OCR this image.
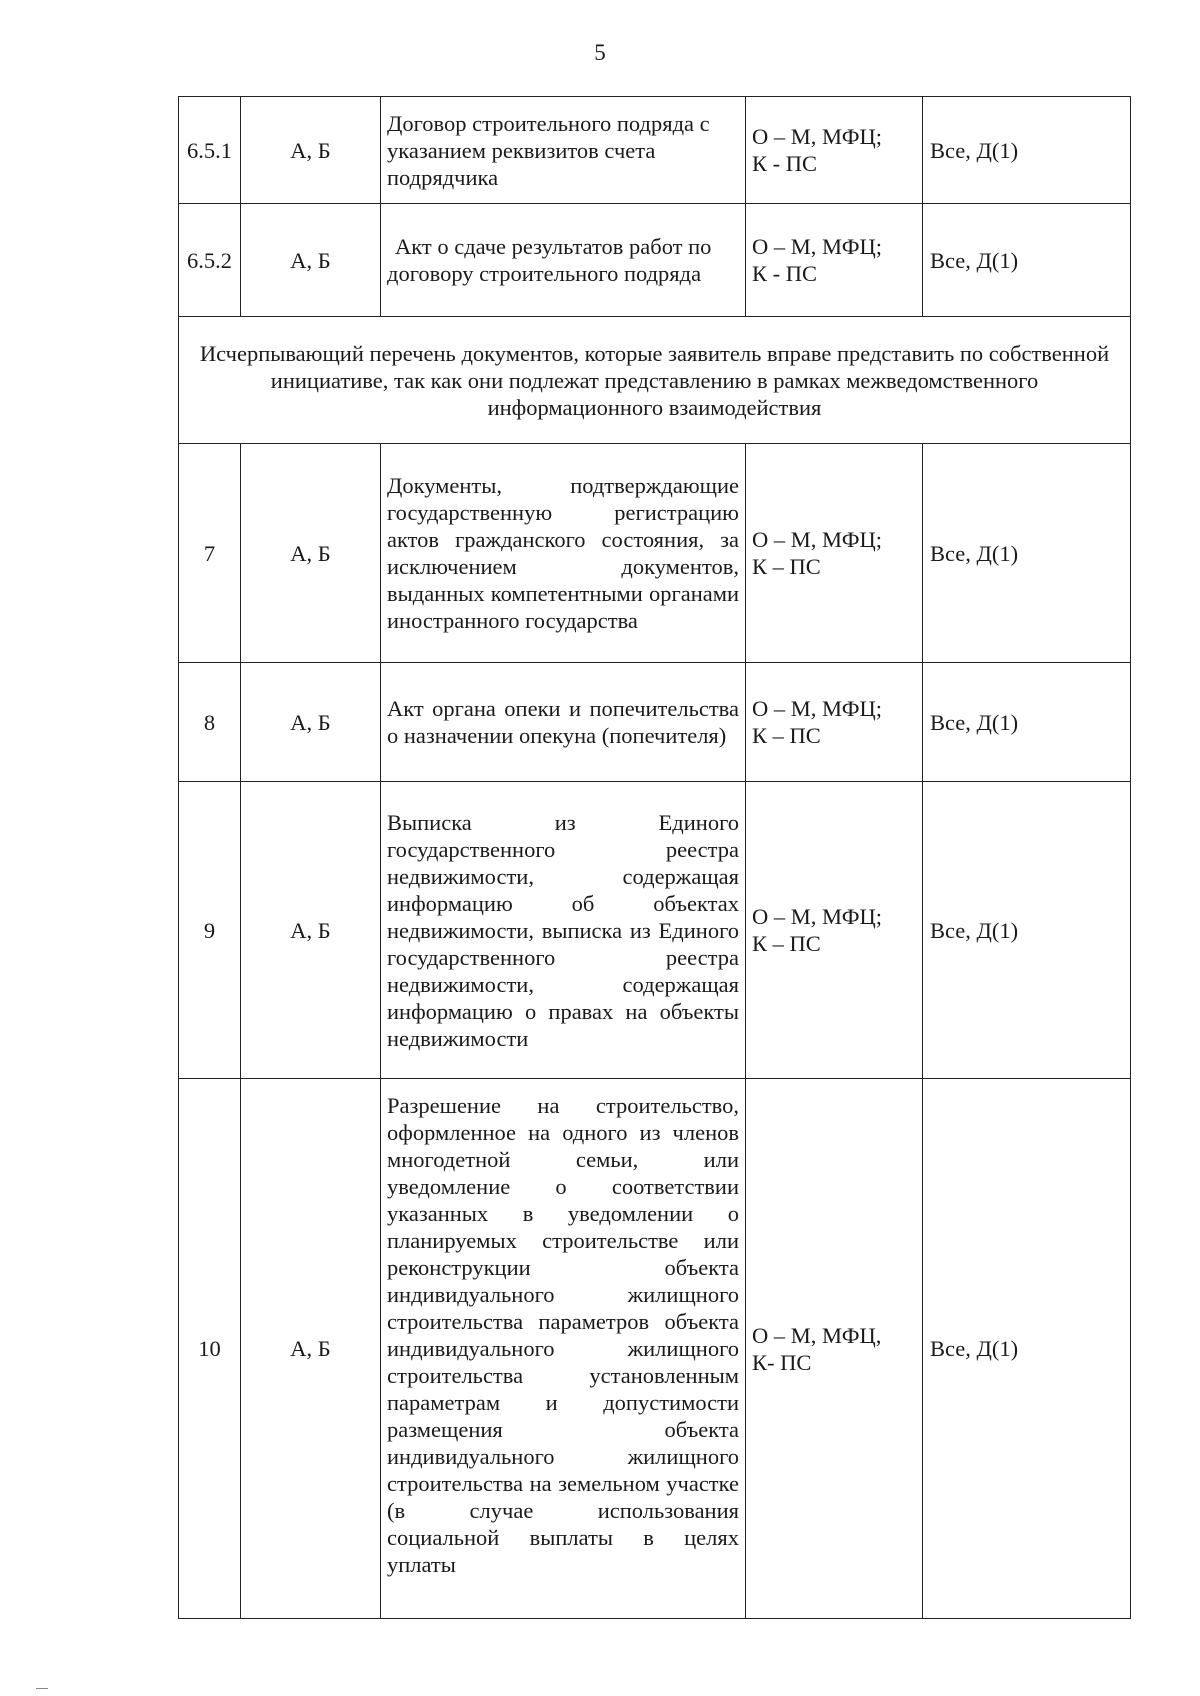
5
6.5.1	А, Б	Договор строительного подряда с указанием реквизитов счета подрядчика	О – М, МФЦ;
К - ПС	Все, Д(1)
6.5.2	А, Б	Акт о сдаче результатов работ по договору строительного подряда	О – М, МФЦ;
К - ПС	Все, Д(1)
Исчерпывающий перечень документов, которые заявитель вправе представить по собственной инициативе, так как они подлежат представлению в рамках межведомственного информационного взаимодействия				
7	А, Б	Документы, подтверждающие государственную регистрацию актов гражданского состояния, за исключением документов, выданных компетентными органами иностранного государства	О – М, МФЦ;
К – ПС	Все, Д(1)
8	А, Б	Акт органа опеки и попечительства о назначении опекуна (попечителя)	О – М, МФЦ;
К – ПС	Все, Д(1)
9	А, Б	Выписка из Единого государственного реестра недвижимости, содержащая информацию об объектах недвижимости, выписка из Единого государственного реестра недвижимости, содержащая информацию о правах на объекты недвижимости	О – М, МФЦ;
К – ПС	Все, Д(1)
10	А, Б	Разрешение на строительство, оформленное на одного из членов многодетной семьи, или уведомление о соответствии указанных в уведомлении о планируемых строительстве или реконструкции объекта индивидуального жилищного строительства параметров объекта индивидуального жилищного строительства установленным параметрам и допустимости размещения объекта индивидуального жилищного строительства на земельном участке (в случае использования социальной выплаты в целях уплаты	О – М, МФЦ,
К- ПС	Все, Д(1)
